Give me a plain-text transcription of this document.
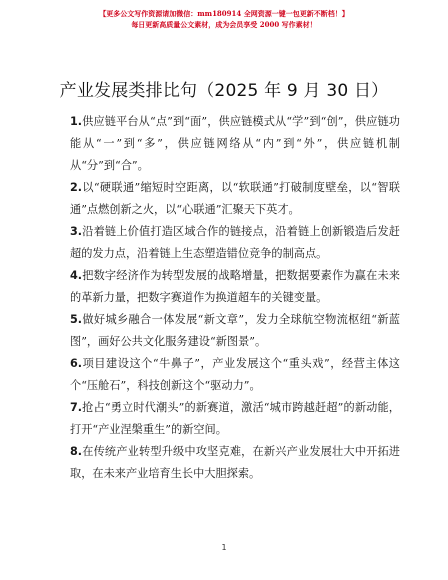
【更多公文写作资源请加微信：mm180914 全网资源一键一包更新不断档！】
每日更新高质量公文素材，成为会员享受 2000 写作素材！
产业发展类排比句（2025 年 9 月 30 日）
1.供应链平台从“点”到“面”，供应链模式从“学”到“创”，供应链功能从“一”到“多”，供应链网络从“内”到“外”，供应链机制从“分”到“合”。
2.以“硬联通”缩短时空距离，以“软联通”打破制度壁垒，以“智联通”点燃创新之火，以“心联通”汇聚天下英才。
3.沿着链上价值打造区域合作的链接点，沿着链上创新锻造后发赶超的发力点，沿着链上生态塑造错位竞争的制高点。
4.把数字经济作为转型发展的战略增量，把数据要素作为赢在未来的革新力量，把数字赛道作为换道超车的关键变量。
5.做好城乡融合一体发展“新文章”，发力全球航空物流枢纽“新蓝图”，画好公共文化服务建设“新图景”。
6.项目建设这个“牛鼻子”，产业发展这个“重头戏”，经营主体这个“压舱石”，科技创新这个“驱动力”。
7.抢占“勇立时代潮头”的新赛道，激活“城市跨越赶超”的新动能，打开“产业涅槃重生”的新空间。
8.在传统产业转型升级中攻坚克难，在新兴产业发展壮大中开拓进取，在未来产业培育生长中大胆探索。
1
